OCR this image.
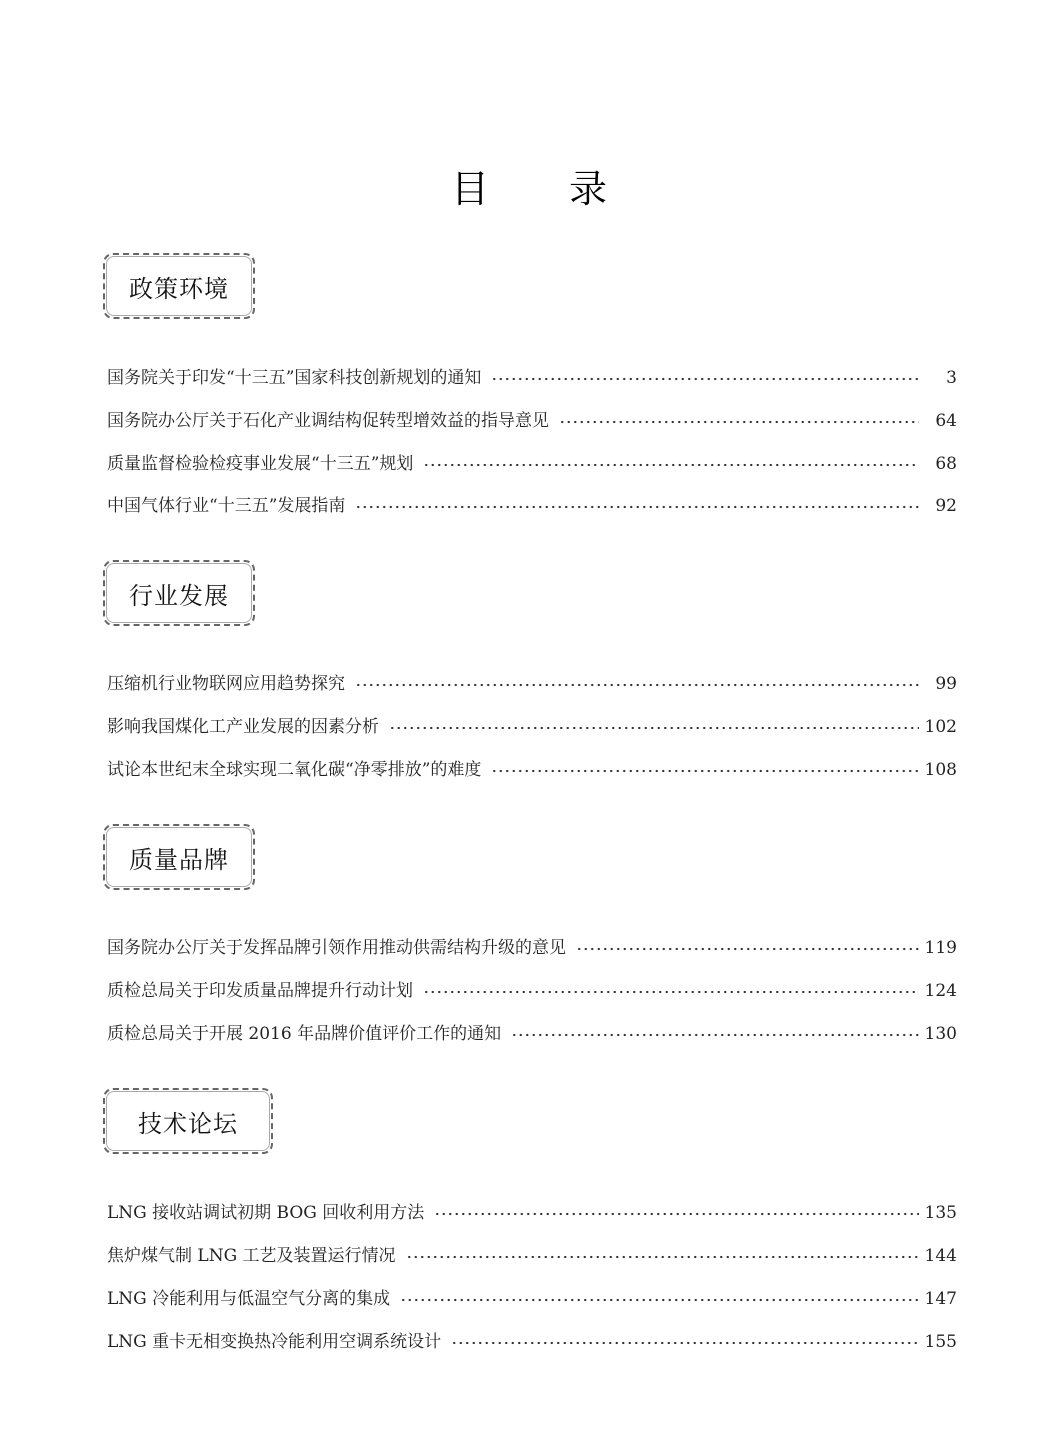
目 录
政策环境
国务院关于印发“十三五”国家科技创新规划的通知	3
国务院办公厅关于石化产业调结构促转型增效益的指导意见	64
质量监督检验检疫事业发展“十三五”规划	68
中国气体行业“十三五”发展指南	92
行业发展
压缩机行业物联网应用趋势探究	99
影响我国煤化工产业发展的因素分析	102
试论本世纪末全球实现二氧化碳“净零排放”的难度	108
质量品牌
国务院办公厅关于发挥品牌引领作用推动供需结构升级的意见	119
质检总局关于印发质量品牌提升行动计划	124
质检总局关于开展 2016 年品牌价值评价工作的通知	130
技术论坛
LNG 接收站调试初期 BOG 回收利用方法	135
焦炉煤气制 LNG 工艺及装置运行情况	144
LNG 冷能利用与低温空气分离的集成	147
LNG 重卡无相变换热冷能利用空调系统设计	155
